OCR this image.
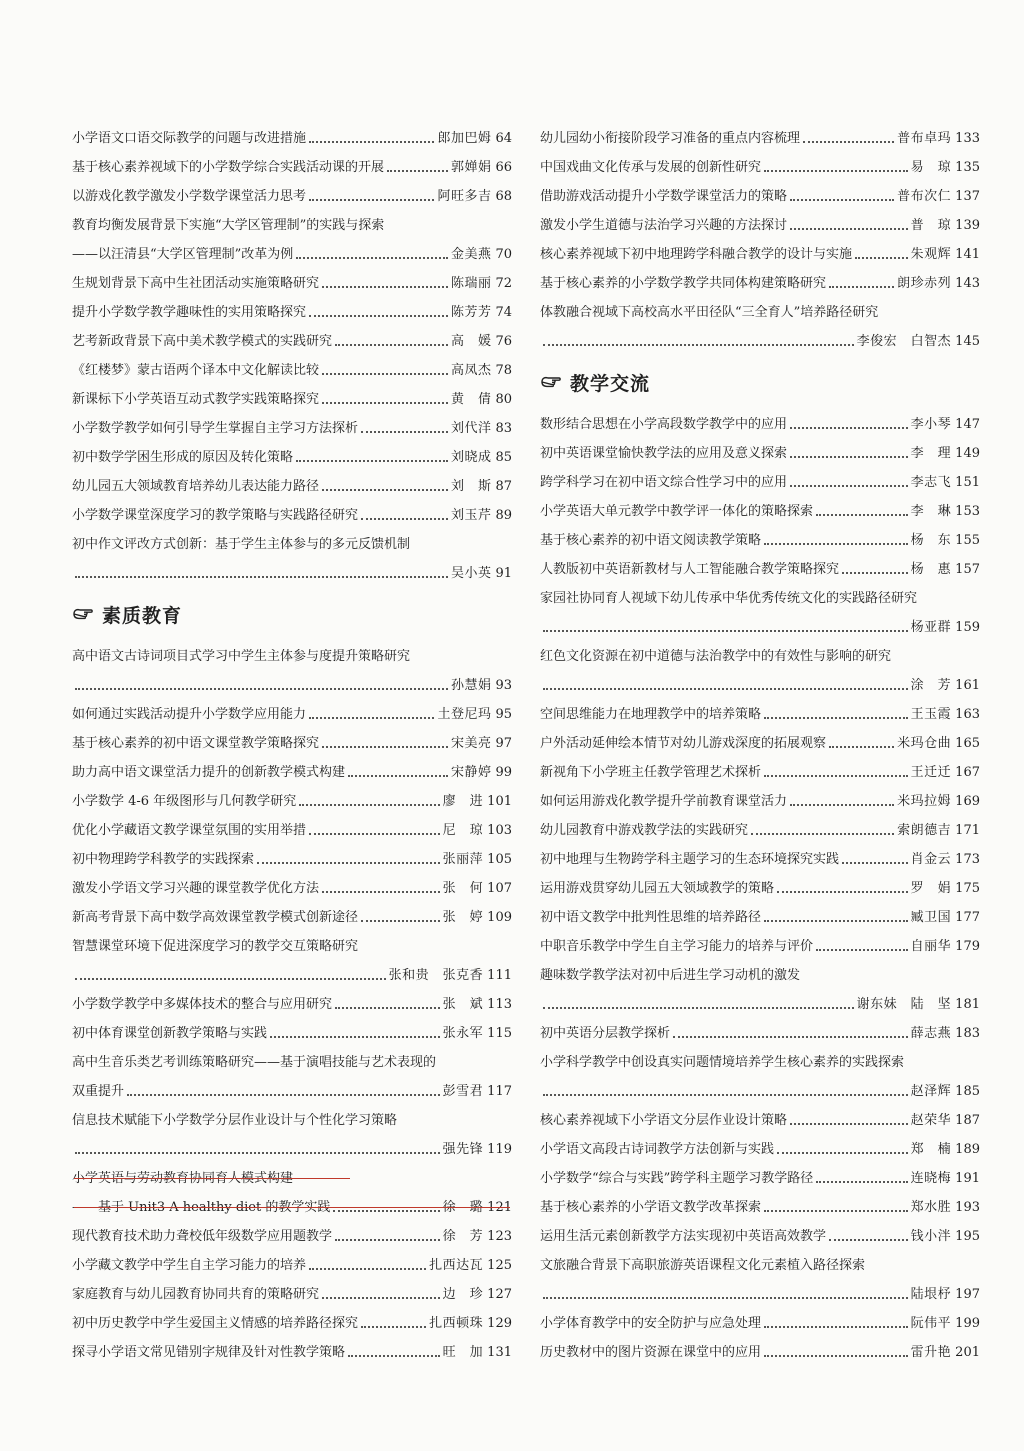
小学语文口语交际教学的问题与改进措施	郎加巴姆 64
基于核心素养视域下的小学数学综合实践活动课的开展	郭婵娟 66
以游戏化教学激发小学数学课堂活力思考	阿旺多吉 68
教育均衡发展背景下实施“大学区管理制”的实践与探索
——以汪清县“大学区管理制”改革为例	金美燕 70
生规划背景下高中生社团活动实施策略研究	陈瑞丽 72
提升小学数学教学趣味性的实用策略探究	陈芳芳 74
艺考新政背景下高中美术教学模式的实践研究	高　媛 76
《红楼梦》蒙古语两个译本中文化解读比较	高凤杰 78
新课标下小学英语互动式教学实践策略探究	黄　倩 80
小学数学教学如何引导学生掌握自主学习方法探析	刘代洋 83
初中数学学困生形成的原因及转化策略	刘晓成 85
幼儿园五大领域教育培养幼儿表达能力路径	刘　斯 87
小学数学课堂深度学习的教学策略与实践路径研究	刘玉芹 89
初中作文评改方式创新：基于学生主体参与的多元反馈机制
吴小英 91
素质教育
高中语文古诗词项目式学习中学生主体参与度提升策略研究
孙慧娟 93
如何通过实践活动提升小学数学应用能力	土登尼玛 95
基于核心素养的初中语文课堂教学策略探究	宋美亮 97
助力高中语文课堂活力提升的创新教学模式构建	宋静婷 99
小学数学 4-6 年级图形与几何教学研究	廖　进 101
优化小学藏语文教学课堂氛围的实用举措	尼　琼 103
初中物理跨学科教学的实践探索	张丽萍 105
激发小学语文学习兴趣的课堂教学优化方法	张　何 107
新高考背景下高中数学高效课堂教学模式创新途径	张　婷 109
智慧课堂环境下促进深度学习的教学交互策略研究
张和贵　张克香 111
小学数学教学中多媒体技术的整合与应用研究	张　斌 113
初中体育课堂创新教学策略与实践	张永军 115
高中生音乐类艺考训练策略研究——基于演唱技能与艺术表现的
双重提升	彭雪君 117
信息技术赋能下小学数学分层作业设计与个性化学习策略
强先锋 119
小学英语与劳动教育协同育人模式构建
——基于 Unit3 A healthy diet 的教学实践	徐　璐 121
现代教育技术助力聋校低年级数学应用题教学	徐　芳 123
小学藏文教学中学生自主学习能力的培养	扎西达瓦 125
家庭教育与幼儿园教育协同共育的策略研究	边　珍 127
初中历史教学中学生爱国主义情感的培养路径探究	扎西顿珠 129
探寻小学语文常见错别字规律及针对性教学策略	旺　加 131
幼儿园幼小衔接阶段学习准备的重点内容梳理	普布卓玛 133
中国戏曲文化传承与发展的创新性研究	易　琼 135
借助游戏活动提升小学数学课堂活力的策略	普布次仁 137
激发小学生道德与法治学习兴趣的方法探讨	普　琼 139
核心素养视域下初中地理跨学科融合教学的设计与实施	朱观辉 141
基于核心素养的小学数学教学共同体构建策略研究	朗珍赤列 143
体教融合视域下高校高水平田径队“三全育人”培养路径研究
李俊宏　白智杰 145
教学交流
数形结合思想在小学高段数学教学中的应用	李小琴 147
初中英语课堂愉快教学法的应用及意义探索	李　理 149
跨学科学习在初中语文综合性学习中的应用	李志飞 151
小学英语大单元教学中教学评一体化的策略探索	李　琳 153
基于核心素养的初中语文阅读教学策略	杨　东 155
人教版初中英语新教材与人工智能融合教学策略探究	杨　惠 157
家园社协同育人视域下幼儿传承中华优秀传统文化的实践路径研究
杨亚群 159
红色文化资源在初中道德与法治教学中的有效性与影响的研究
涂　芳 161
空间思维能力在地理教学中的培养策略	王玉霞 163
户外活动延伸绘本情节对幼儿游戏深度的拓展观察	米玛仓曲 165
新视角下小学班主任教学管理艺术探析	王迁迁 167
如何运用游戏化教学提升学前教育课堂活力	米玛拉姆 169
幼儿园教育中游戏教学法的实践研究	索朗德吉 171
初中地理与生物跨学科主题学习的生态环境探究实践	肖金云 173
运用游戏贯穿幼儿园五大领域教学的策略	罗　娟 175
初中语文教学中批判性思维的培养路径	臧卫国 177
中职音乐教学中学生自主学习能力的培养与评价	自丽华 179
趣味数学教学法对初中后进生学习动机的激发
谢东妹　陆　坚 181
初中英语分层教学探析	薛志燕 183
小学科学教学中创设真实问题情境培养学生核心素养的实践探索
赵泽辉 185
核心素养视域下小学语文分层作业设计策略	赵荣华 187
小学语文高段古诗词教学方法创新与实践	郑　楠 189
小学数学“综合与实践”跨学科主题学习教学路径	连晓梅 191
基于核心素养的小学语文教学改革探索	郑水胜 193
运用生活元素创新教学方法实现初中英语高效教学	钱小泮 195
文旅融合背景下高职旅游英语课程文化元素植入路径探索
陆垠杼 197
小学体育教学中的安全防护与应急处理	阮伟平 199
历史教材中的图片资源在课堂中的应用	雷升艳 201
